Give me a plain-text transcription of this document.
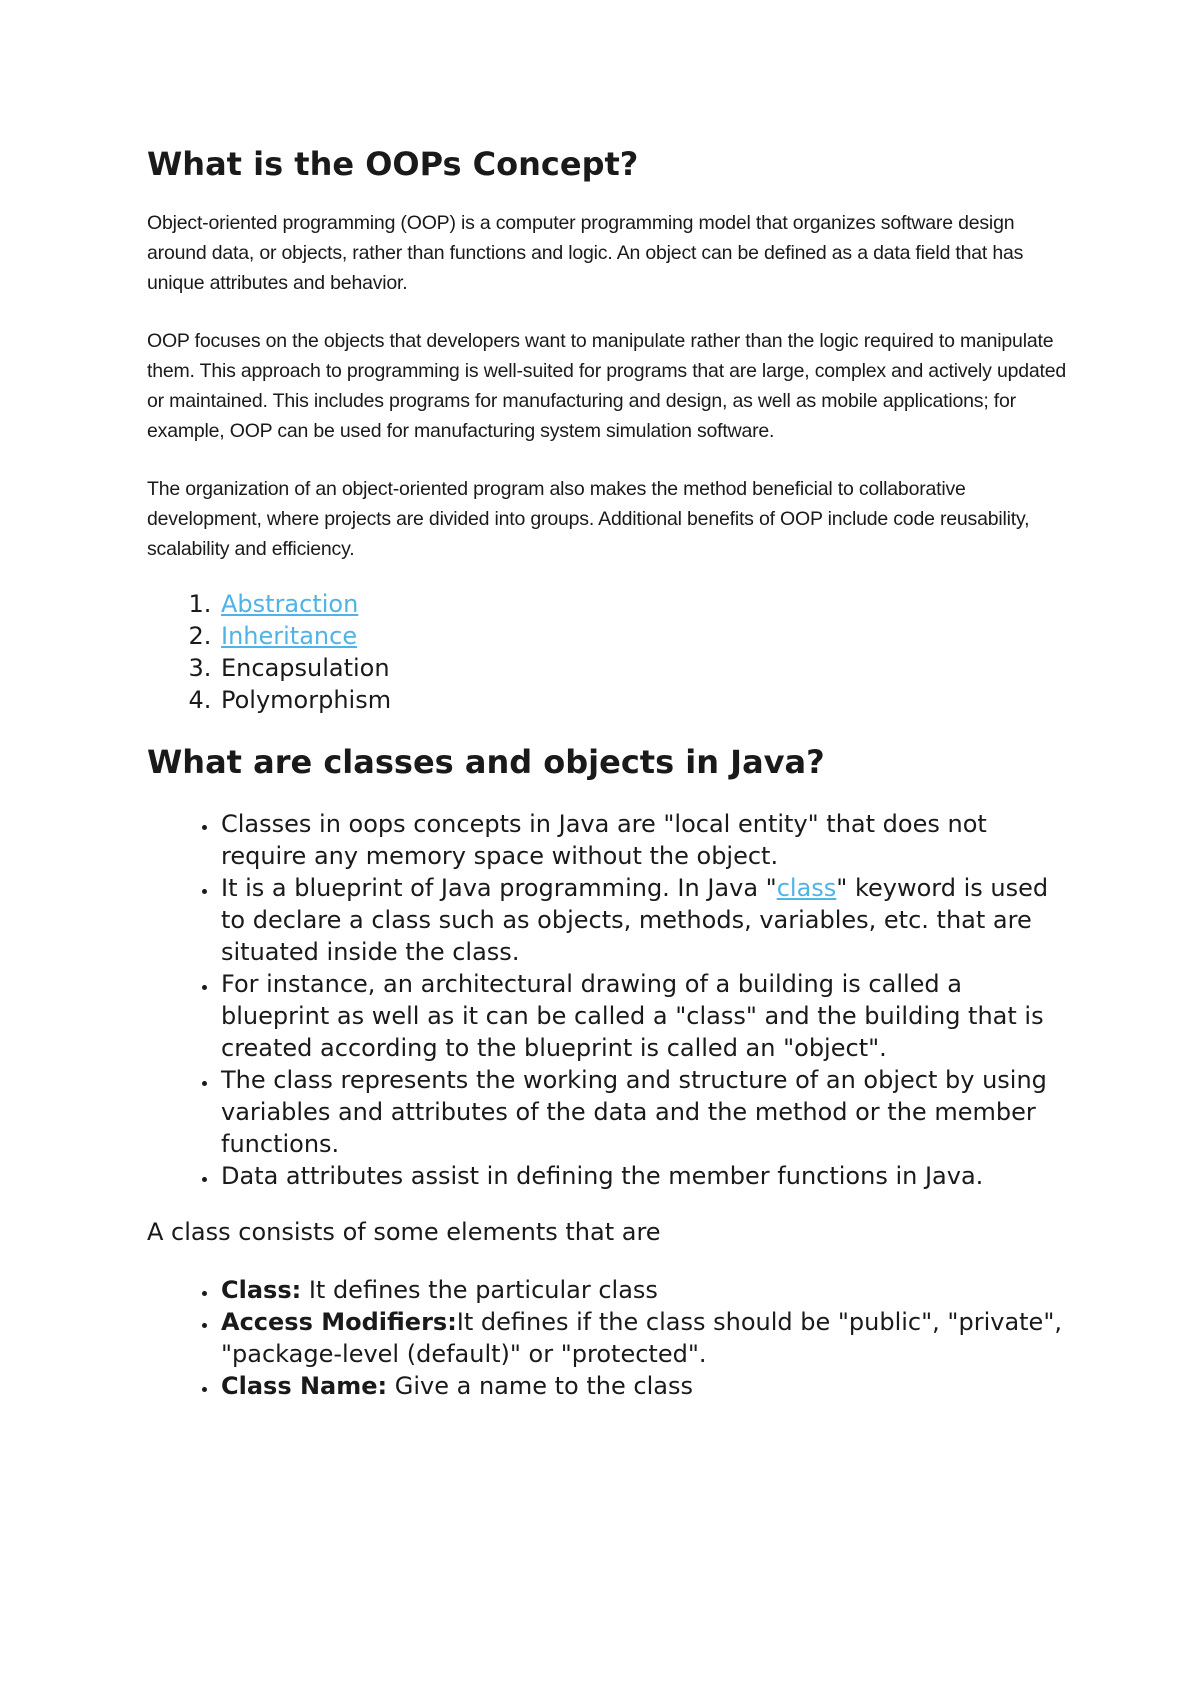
What is the OOPs Concept?

Object-oriented programming (OOP) is a computer programming model that organizes software design around data, or objects, rather than functions and logic. An object can be defined as a data field that has unique attributes and behavior.

OOP focuses on the objects that developers want to manipulate rather than the logic required to manipulate them. This approach to programming is well-suited for programs that are large, complex and actively updated or maintained. This includes programs for manufacturing and design, as well as mobile applications; for example, OOP can be used for manufacturing system simulation software.

The organization of an object-oriented program also makes the method beneficial to collaborative development, where projects are divided into groups. Additional benefits of OOP include code reusability, scalability and efficiency.

1. Abstraction
2. Inheritance
3. Encapsulation
4. Polymorphism
What are classes and objects in Java?
• Classes in oops concepts in Java are "local entity" that does not require any memory space without the object.
• It is a blueprint of Java programming. In Java "class" keyword is used to declare a class such as objects, methods, variables, etc. that are situated inside the class.
• For instance, an architectural drawing of a building is called a blueprint as well as it can be called a "class" and the building that is created according to the blueprint is called an "object".
• The class represents the working and structure of an object by using variables and attributes of the data and the method or the member functions.
• Data attributes assist in defining the member functions in Java.

A class consists of some elements that are

• Class: It defines the particular class
• Access Modifiers:It defines if the class should be "public", "private", "package-level (default)" or "protected".
• Class Name: Give a name to the class
